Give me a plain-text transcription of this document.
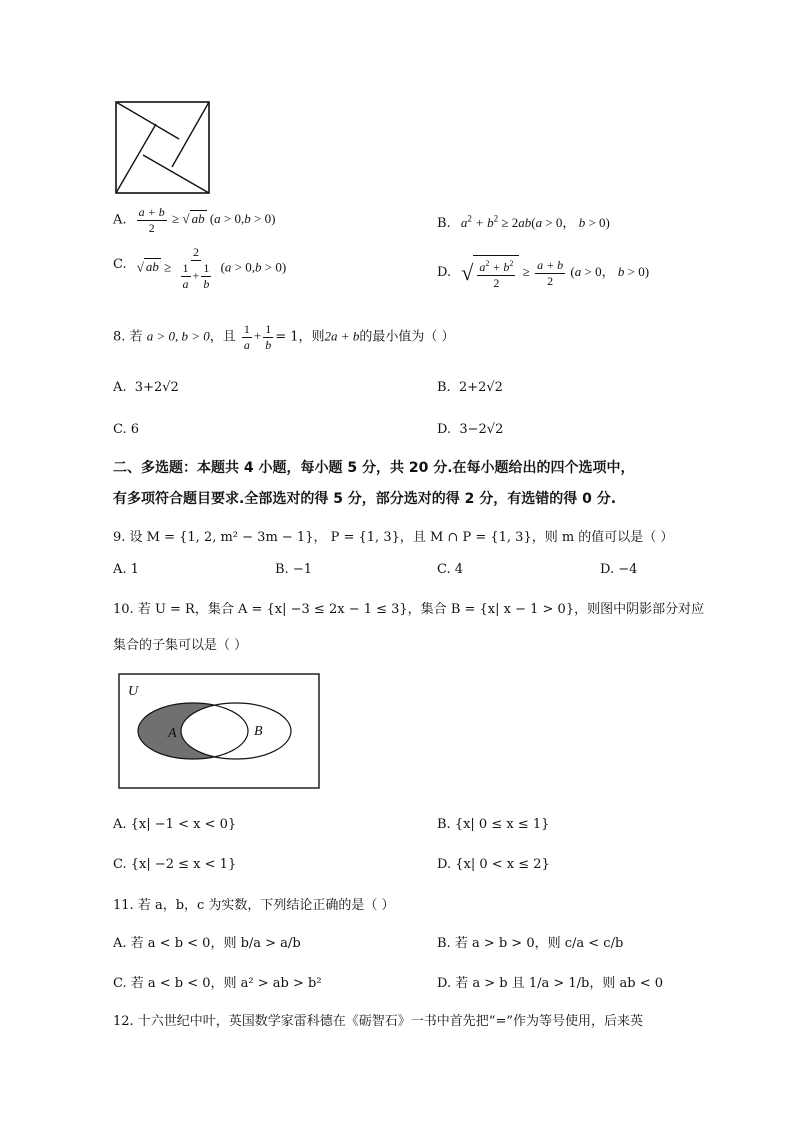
A. $\frac{a + b}{2}$ ≥ √ ab (a > 0,b > 0)	B. $a^2 + b^2 \ge 2ab(a > 0$， b > 0)
C. √ ab ≥ $\frac{2}{\frac{1}{a} + \frac{1}{b}} (a > 0,b > 0)$	D. √ $\frac{a^2 + b^2}{2} \ge \frac{a + b}{2} (a > 0$， b > 0)
8. 若 a > 0, b > 0，且 $\frac{1}{a} + \frac{1}{b} = 1$，则2a + b的最小值为（ ）
A. 3+2√2	B. 2+2√2
C. 6	D. 3−2√2
二、多选题：本题共 4 小题，每小题 5 分，共 20 分.在每小题给出的四个选项中，
有多项符合题目要求.全部选对的得 5 分，部分选对的得 2 分，有选错的得 0 分.
9. 设 M = {1, 2, m² − 3m − 1}， P = {1, 3}，且 M ∩ P = {1, 3}，则 m 的值可以是（ ）
A. 1	B. −1	C. 4	D. −4
10. 若 U = R，集合 A = {x| −3 ≤ 2x − 1 ≤ 3}，集合 B = {x| x − 1 > 0}，则图中阴影部分对应
集合的子集可以是（ ）
U
A	B
A. {x| −1 < x < 0}	B. {x| 0 ≤ x ≤ 1}
C. {x| −2 ≤ x < 1}	D. {x| 0 < x ≤ 2}
11. 若 a，b，c 为实数，下列结论正确的是（ ）
A. 若 a < b < 0，则 b/a > a/b	B. 若 a > b > 0，则 c/a < c/b
C. 若 a < b < 0，则 a² > ab > b²	D. 若 a > b 且 1/a > 1/b，则 ab < 0
12. 十六世纪中叶，英国数学家雷科德在《砺智石》一书中首先把“=”作为等号使用，后来英
